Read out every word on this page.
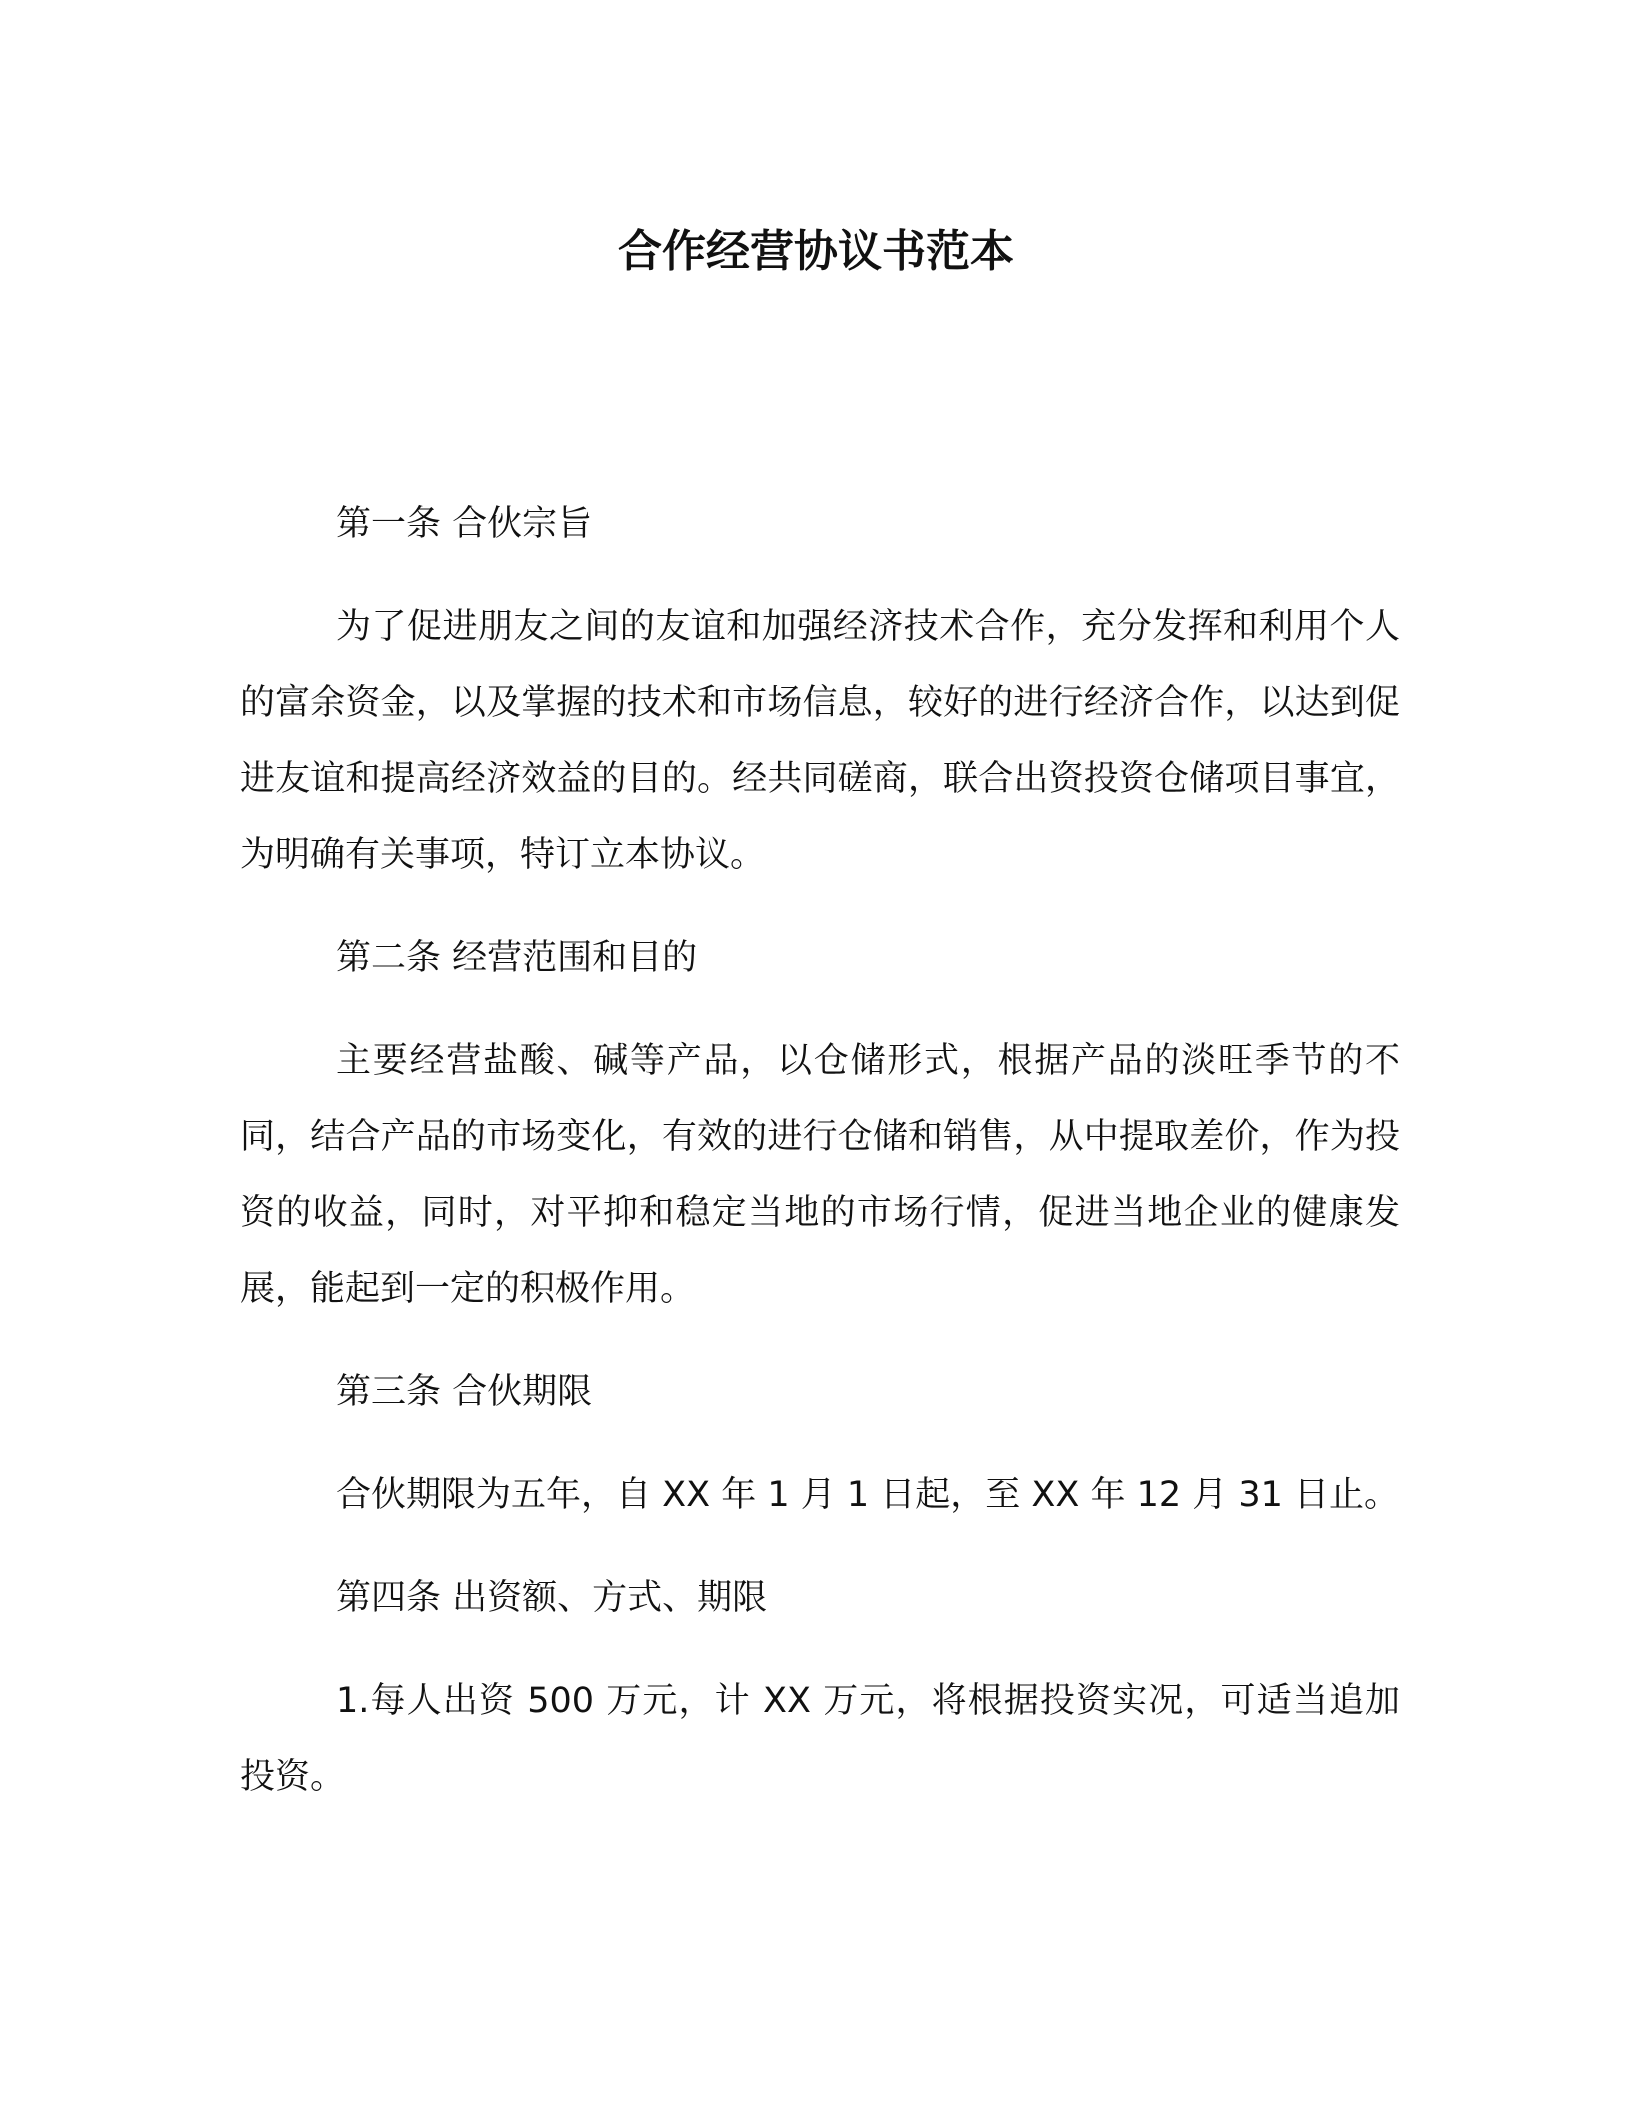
合作经营协议书范本

第一条 合伙宗旨

为了促进朋友之间的友谊和加强经济技术合作，充分发挥和利用个人的富余资金，以及掌握的技术和市场信息，较好的进行经济合作，以达到促进友谊和提高经济效益的目的。经共同磋商，联合出资投资仓储项目事宜，为明确有关事项，特订立本协议。

第二条 经营范围和目的

主要经营盐酸、碱等产品，以仓储形式，根据产品的淡旺季节的不同，结合产品的市场变化，有效的进行仓储和销售，从中提取差价，作为投资的收益，同时，对平抑和稳定当地的市场行情，促进当地企业的健康发展，能起到一定的积极作用。

第三条 合伙期限

合伙期限为五年，自 XX 年 1 月 1 日起，至 XX 年 12 月 31 日止。

第四条 出资额、方式、期限

1.每人出资 500 万元，计 XX 万元，将根据投资实况，可适当追加投资。
